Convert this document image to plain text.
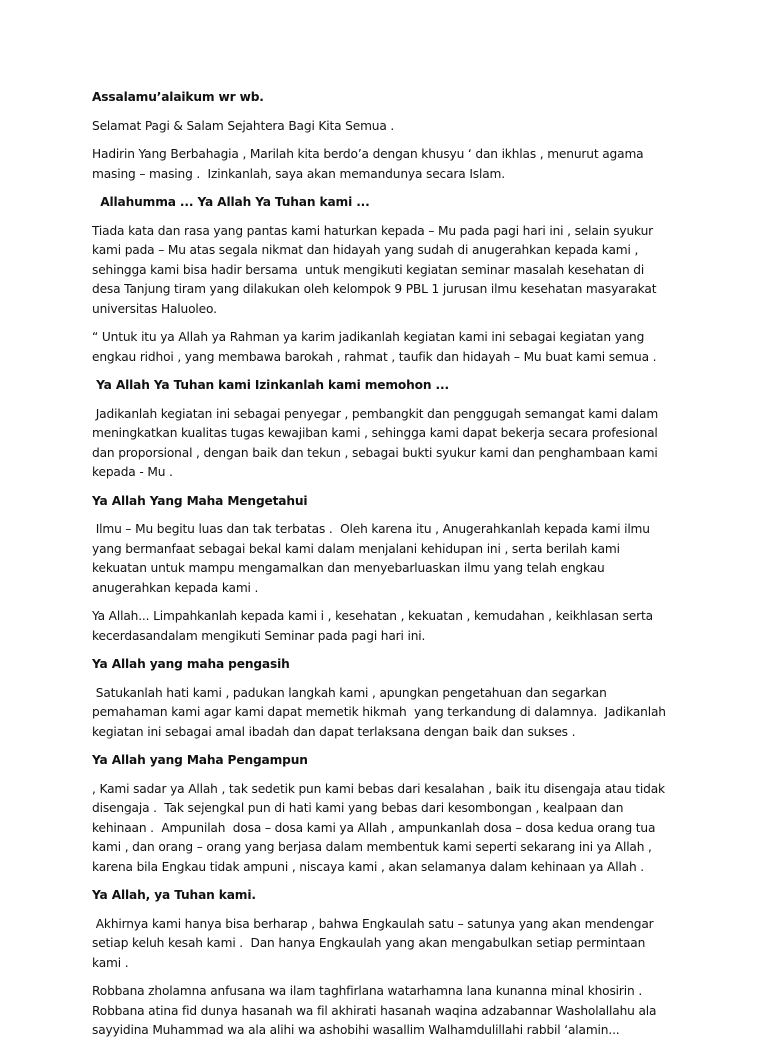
Assalamu’alaikum wr wb.

Selamat Pagi & Salam Sejahtera Bagi Kita Semua .

Hadirin Yang Berbahagia , Marilah kita berdo’a dengan khusyu ‘ dan ikhlas , menurut agama masing – masing .  Izinkanlah, saya akan memandunya secara Islam.

Allahumma ... Ya Allah Ya Tuhan kami ...

Tiada kata dan rasa yang pantas kami haturkan kepada – Mu pada pagi hari ini , selain syukur kami pada – Mu atas segala nikmat dan hidayah yang sudah di anugerahkan kepada kami , sehingga kami bisa hadir bersama  untuk mengikuti kegiatan seminar masalah kesehatan di desa Tanjung tiram yang dilakukan oleh kelompok 9 PBL 1 jurusan ilmu kesehatan masyarakat universitas Haluoleo.

“ Untuk itu ya Allah ya Rahman ya karim jadikanlah kegiatan kami ini sebagai kegiatan yang engkau ridhoi , yang membawa barokah , rahmat , taufik dan hidayah – Mu buat kami semua .

Ya Allah Ya Tuhan kami Izinkanlah kami memohon ...

Jadikanlah kegiatan ini sebagai penyegar , pembangkit dan penggugah semangat kami dalam meningkatkan kualitas tugas kewajiban kami , sehingga kami dapat bekerja secara profesional dan proporsional , dengan baik dan tekun , sebagai bukti syukur kami dan penghambaan kami  kepada - Mu .

Ya Allah Yang Maha Mengetahui

Ilmu – Mu begitu luas dan tak terbatas .  Oleh karena itu , Anugerahkanlah kepada kami ilmu yang bermanfaat sebagai bekal kami dalam menjalani kehidupan ini , serta berilah kami kekuatan untuk mampu mengamalkan dan menyebarluaskan ilmu yang telah engkau anugerahkan kepada kami .

Ya Allah... Limpahkanlah kepada kami i , kesehatan , kekuatan , kemudahan , keikhlasan serta kecerdasandalam mengikuti Seminar pada pagi hari ini.

Ya Allah yang maha pengasih

Satukanlah hati kami , padukan langkah kami , apungkan pengetahuan dan segarkan pemahaman kami agar kami dapat memetik hikmah  yang terkandung di dalamnya.  Jadikanlah kegiatan ini sebagai amal ibadah dan dapat terlaksana dengan baik dan sukses .

Ya Allah yang Maha Pengampun

, Kami sadar ya Allah , tak sedetik pun kami bebas dari kesalahan , baik itu disengaja atau tidak disengaja .  Tak sejengkal pun di hati kami yang bebas dari kesombongan , kealpaan dan  kehinaan .  Ampunilah  dosa – dosa kami ya Allah , ampunkanlah dosa – dosa kedua orang tua kami , dan orang – orang yang berjasa dalam membentuk kami seperti sekarang ini ya Allah , karena bila Engkau tidak ampuni , niscaya kami , akan selamanya dalam kehinaan ya Allah .

Ya Allah, ya Tuhan kami.

Akhirnya kami hanya bisa berharap , bahwa Engkaulah satu – satunya yang akan mendengar setiap keluh kesah kami .  Dan hanya Engkaulah yang akan mengabulkan setiap permintaan kami .

Robbana zholamna anfusana wa ilam taghfirlana watarhamna lana kunanna minal khosirin . Robbana atina fid dunya hasanah wa fil akhirati hasanah waqina adzabannar Washolallahu ala sayyidina Muhammad wa ala alihi wa ashobihi wasallim Walhamdulillahi rabbil ‘alamin...
